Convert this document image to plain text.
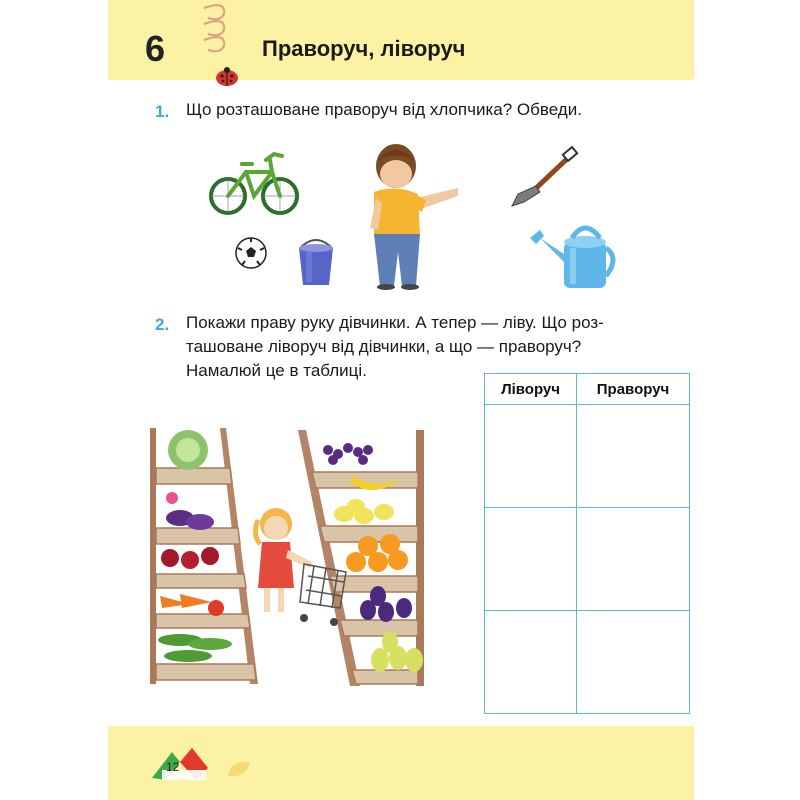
6	Праворуч, ліворуч
1. Що розташоване праворуч від хлопчика? Обведи.
2. Покажи праву руку дівчинки. А тепер — ліву. Що роз-
ташоване ліворуч від дівчинки, а що — праворуч?
Намалюй це в таблиці.
Ліворуч	Праворуч

12
